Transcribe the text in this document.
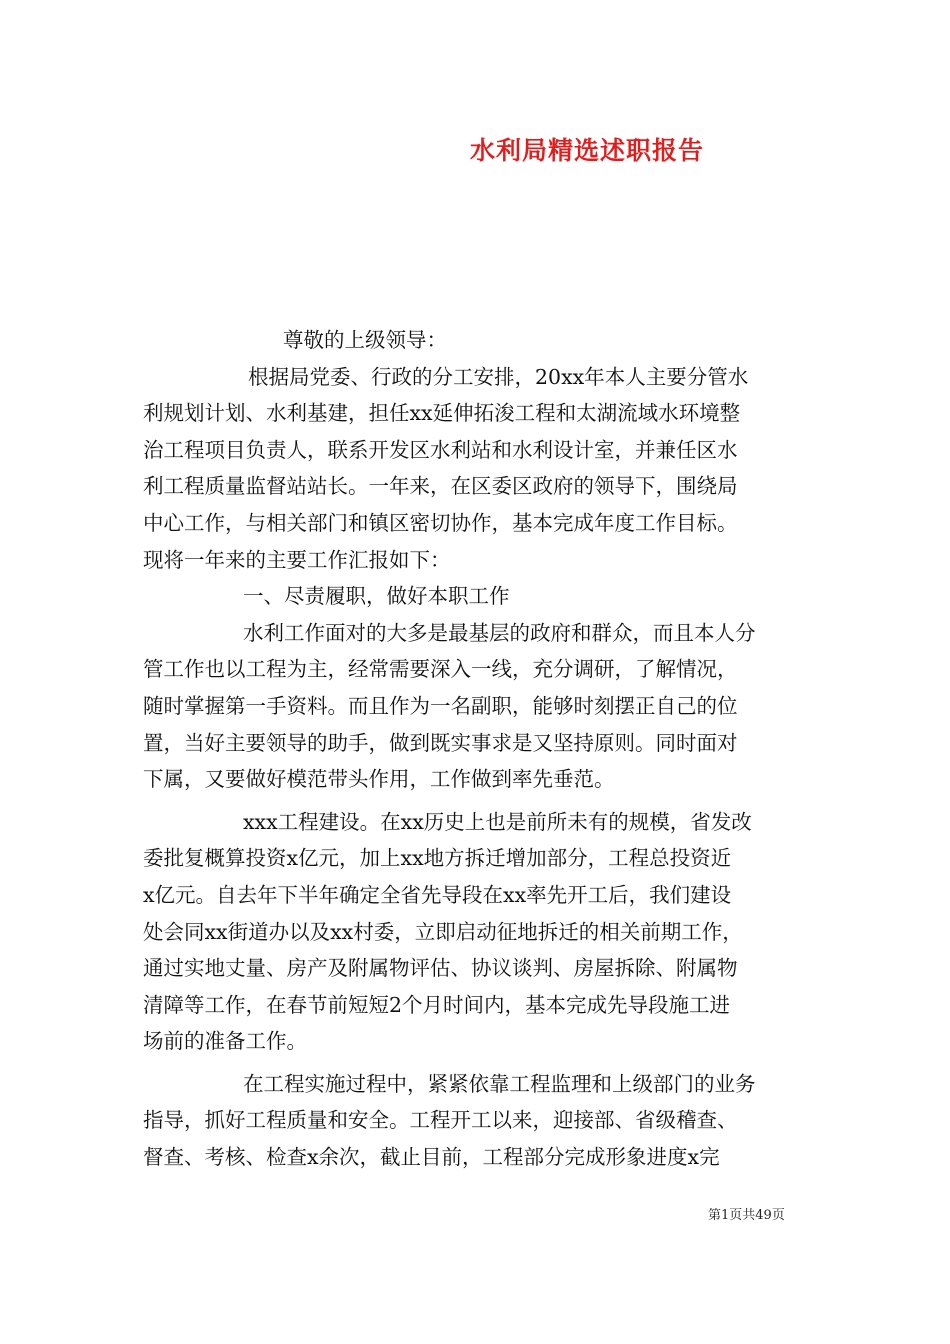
水利局精选述职报告
尊敬的上级领导：
根据局党委、行政的分工安排，20xx年本人主要分管水
利规划计划、水利基建，担任xx延伸拓浚工程和太湖流域水环境整
治工程项目负责人，联系开发区水利站和水利设计室，并兼任区水
利工程质量监督站站长。一年来，在区委区政府的领导下，围绕局
中心工作，与相关部门和镇区密切协作，基本完成年度工作目标。
现将一年来的主要工作汇报如下：
一、尽责履职，做好本职工作
水利工作面对的大多是最基层的政府和群众，而且本人分
管工作也以工程为主，经常需要深入一线，充分调研，了解情况，
随时掌握第一手资料。而且作为一名副职，能够时刻摆正自己的位
置，当好主要领导的助手，做到既实事求是又坚持原则。同时面对
下属，又要做好模范带头作用，工作做到率先垂范。
xxx工程建设。在xx历史上也是前所未有的规模，省发改
委批复概算投资x亿元，加上xx地方拆迁增加部分，工程总投资近
x亿元。自去年下半年确定全省先导段在xx率先开工后，我们建设
处会同xx街道办以及xx村委，立即启动征地拆迁的相关前期工作，
通过实地丈量、房产及附属物评估、协议谈判、房屋拆除、附属物
清障等工作，在春节前短短2个月时间内，基本完成先导段施工进
场前的准备工作。
在工程实施过程中，紧紧依靠工程监理和上级部门的业务
指导，抓好工程质量和安全。工程开工以来，迎接部、省级稽查、
督查、考核、检查x余次，截止目前，工程部分完成形象进度x完
第1页共49页
